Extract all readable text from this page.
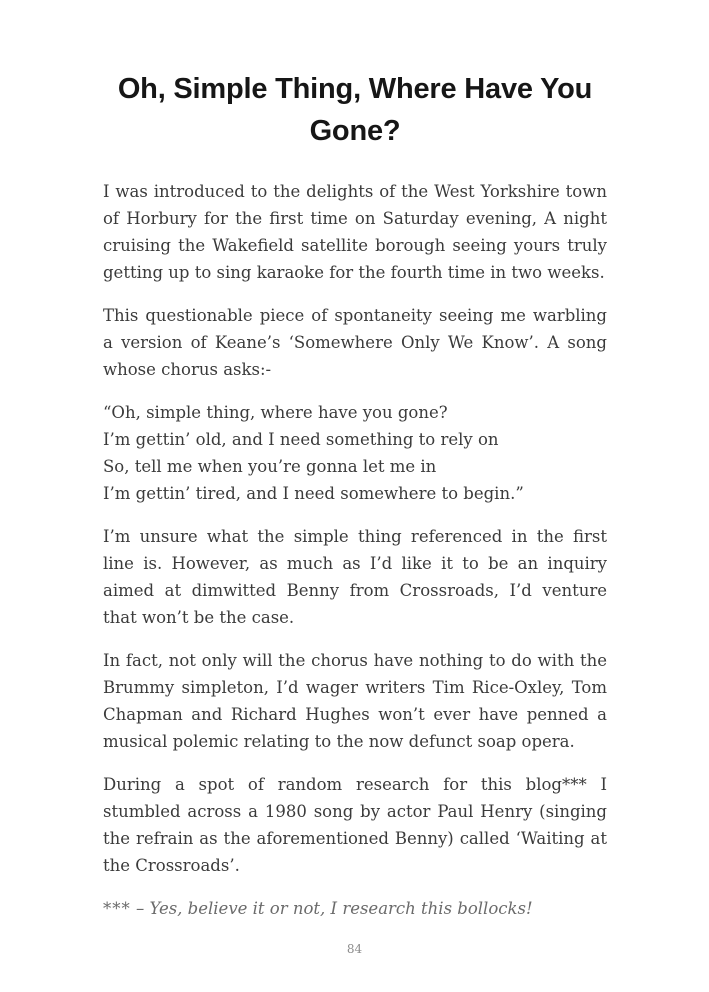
Oh, Simple Thing, Where Have You Gone?

I was introduced to the delights of the West Yorkshire town of Horbury for the first time on Saturday evening, A night cruising the Wakefield satellite borough seeing yours truly getting up to sing karaoke for the fourth time in two weeks.

This questionable piece of spontaneity seeing me warbling a version of Keane’s ‘Somewhere Only We Know’. A song whose chorus asks:-

“Oh, simple thing, where have you gone?
I’m gettin’ old, and I need something to rely on
So, tell me when you’re gonna let me in
I’m gettin’ tired, and I need somewhere to begin.”

I’m unsure what the simple thing referenced in the first line is. However, as much as I’d like it to be an inquiry aimed at dimwitted Benny from Crossroads, I’d venture that won’t be the case.

In fact, not only will the chorus have nothing to do with the Brummy simpleton, I’d wager writers Tim Rice-Oxley, Tom Chapman and Richard Hughes won’t ever have penned a musical polemic relating to the now defunct soap opera.

During a spot of random research for this blog*** I stumbled across a 1980 song by actor Paul Henry (singing the refrain as the aforementioned Benny) called ‘Waiting at the Crossroads’.

*** – Yes, believe it or not, I research this bollocks!

84
